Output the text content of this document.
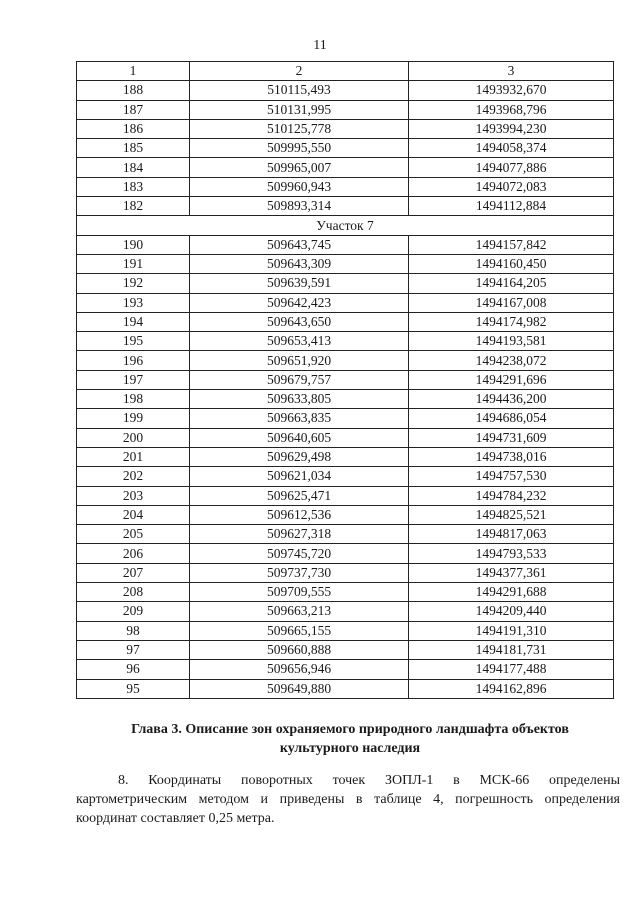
11
1	2	3
188	510115,493	1493932,670
187	510131,995	1493968,796
186	510125,778	1493994,230
185	509995,550	1494058,374
184	509965,007	1494077,886
183	509960,943	1494072,083
182	509893,314	1494112,884
Участок 7		
190	509643,745	1494157,842
191	509643,309	1494160,450
192	509639,591	1494164,205
193	509642,423	1494167,008
194	509643,650	1494174,982
195	509653,413	1494193,581
196	509651,920	1494238,072
197	509679,757	1494291,696
198	509633,805	1494436,200
199	509663,835	1494686,054
200	509640,605	1494731,609
201	509629,498	1494738,016
202	509621,034	1494757,530
203	509625,471	1494784,232
204	509612,536	1494825,521
205	509627,318	1494817,063
206	509745,720	1494793,533
207	509737,730	1494377,361
208	509709,555	1494291,688
209	509663,213	1494209,440
98	509665,155	1494191,310
97	509660,888	1494181,731
96	509656,946	1494177,488
95	509649,880	1494162,896
Глава 3. Описание зон охраняемого природного ландшафта объектов
культурного наследия
8. Координаты поворотных точек ЗОПЛ-1 в МСК-66 определены картометрическим методом и приведены в таблице 4, погрешность определения координат составляет 0,25 метра.
